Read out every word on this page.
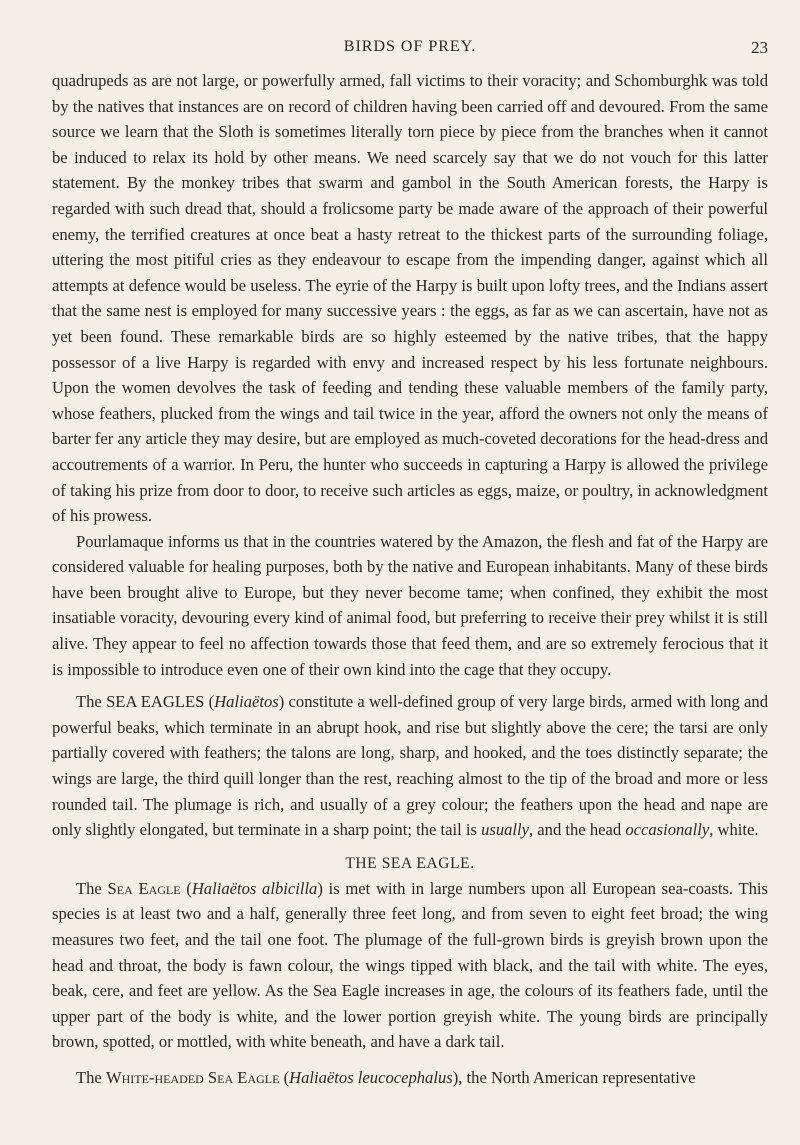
BIRDS OF PREY.	23

quadrupeds as are not large, or powerfully armed, fall victims to their voracity; and Schomburghk was told by the natives that instances are on record of children having been carried off and devoured. From the same source we learn that the Sloth is sometimes literally torn piece by piece from the branches when it cannot be induced to relax its hold by other means. We need scarcely say that we do not vouch for this latter statement. By the monkey tribes that swarm and gambol in the South American forests, the Harpy is regarded with such dread that, should a frolicsome party be made aware of the approach of their powerful enemy, the terrified creatures at once beat a hasty retreat to the thickest parts of the surrounding foliage, uttering the most pitiful cries as they endeavour to escape from the impending danger, against which all attempts at defence would be useless. The eyrie of the Harpy is built upon lofty trees, and the Indians assert that the same nest is employed for many successive years : the eggs, as far as we can ascertain, have not as yet been found. These remarkable birds are so highly esteemed by the native tribes, that the happy possessor of a live Harpy is regarded with envy and increased respect by his less fortunate neighbours. Upon the women devolves the task of feeding and tending these valuable members of the family party, whose feathers, plucked from the wings and tail twice in the year, afford the owners not only the means of barter fer any article they may desire, but are employed as much-coveted decorations for the head-dress and accoutrements of a warrior. In Peru, the hunter who succeeds in capturing a Harpy is allowed the privilege of taking his prize from door to door, to receive such articles as eggs, maize, or poultry, in acknowledgment of his prowess.

Pourlamaque informs us that in the countries watered by the Amazon, the flesh and fat of the Harpy are considered valuable for healing purposes, both by the native and European inhabitants. Many of these birds have been brought alive to Europe, but they never become tame; when confined, they exhibit the most insatiable voracity, devouring every kind of animal food, but preferring to receive their prey whilst it is still alive. They appear to feel no affection towards those that feed them, and are so extremely ferocious that it is impossible to introduce even one of their own kind into the cage that they occupy.

The SEA EAGLES (Haliaëtos) constitute a well-defined group of very large birds, armed with long and powerful beaks, which terminate in an abrupt hook, and rise but slightly above the cere; the tarsi are only partially covered with feathers; the talons are long, sharp, and hooked, and the toes distinctly separate; the wings are large, the third quill longer than the rest, reaching almost to the tip of the broad and more or less rounded tail. The plumage is rich, and usually of a grey colour; the feathers upon the head and nape are only slightly elongated, but terminate in a sharp point; the tail is usually, and the head occasionally, white.

THE SEA EAGLE.

The Sea Eagle (Haliaëtos albicilla) is met with in large numbers upon all European sea-coasts. This species is at least two and a half, generally three feet long, and from seven to eight feet broad; the wing measures two feet, and the tail one foot. The plumage of the full-grown birds is greyish brown upon the head and throat, the body is fawn colour, the wings tipped with black, and the tail with white. The eyes, beak, cere, and feet are yellow. As the Sea Eagle increases in age, the colours of its feathers fade, until the upper part of the body is white, and the lower portion greyish white. The young birds are principally brown, spotted, or mottled, with white beneath, and have a dark tail.

The White-headed Sea Eagle (Haliaëtos leucocephalus), the North American representative
